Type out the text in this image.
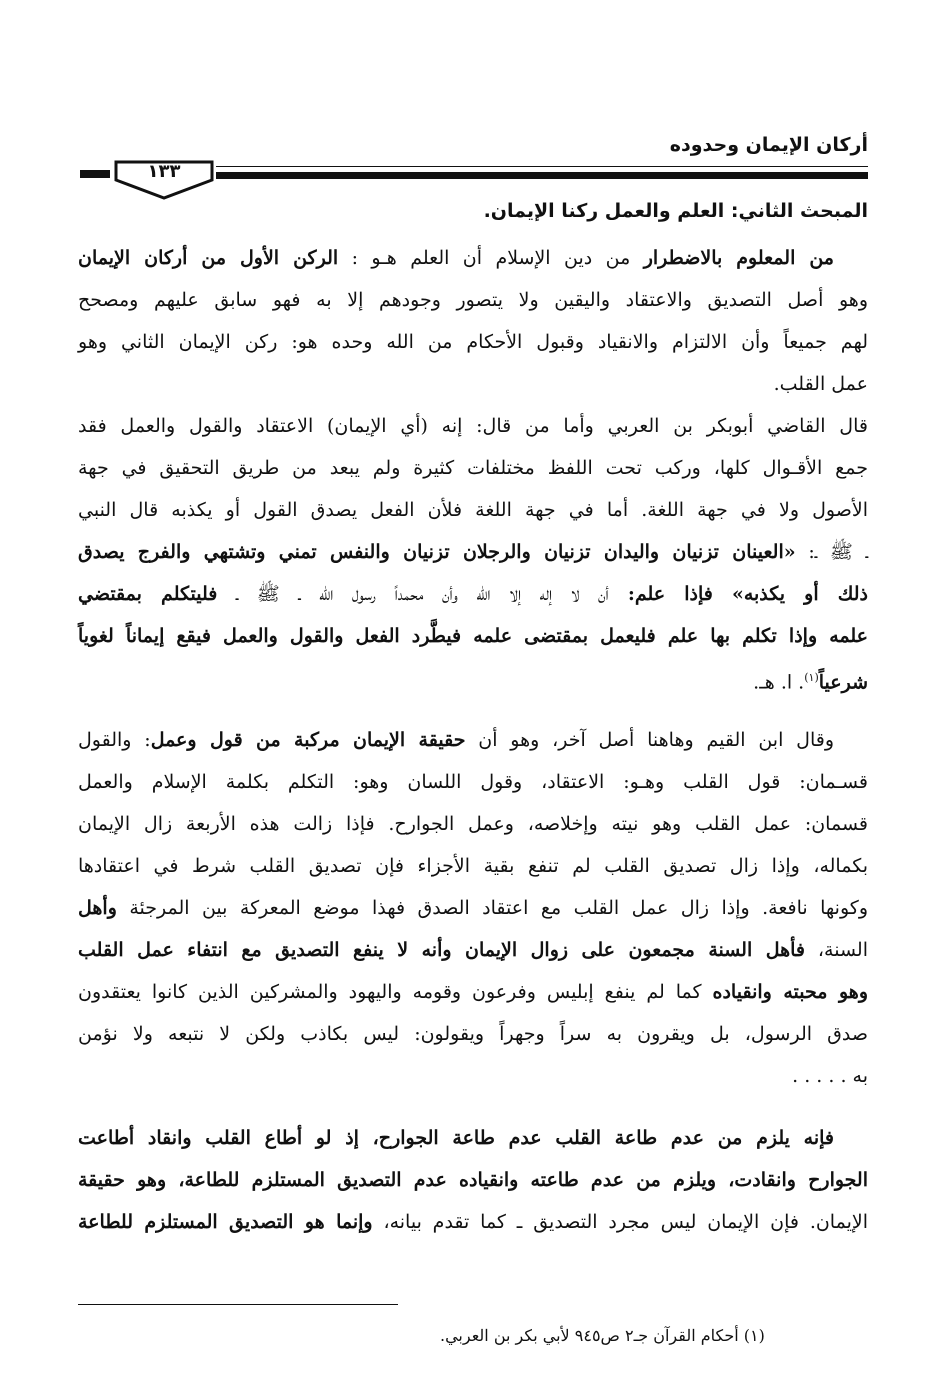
أركان الإيمان وحدوده
١٣٣
المبحث الثاني: العلم والعمل ركنا الإيمان.
من المعلوم بالاضطرار من دين الإسلام أن العلم هـو : الركن الأول من أركان الإيمان
وهو أصل التصديق والاعتقاد واليقين ولا يتصور وجودهم إلا به فهو سابق عليهم ومصحح
لهم جميعاً وأن الالتزام والانقياد وقبول الأحكام من الله وحده هو: ركن الإيمان الثاني وهو
عمل القلب.
قال القاضي أبوبكر بن العربي وأما من قال: إنه (أي الإيمان) الاعتقاد والقول والعمل فقد
جمع الأقـوال كلها، وركب تحت اللفظ مختلفات كثيرة ولم يبعد من طريق التحقيق في جهة
الأصول ولا في جهة اللغة. أما في جهة اللغة فلأن الفعل يصدق القول أو يكذبه قال النبي
ـ ﷺ ـ: «العينان تزنيان واليدان تزنيان والرجلان تزنيان والنفس تمني وتشتهي والفرج يصدق
ذلك أو يكذبه» فإذا علم: أن لا إله إلا الله وأن محمداً رسول الله ـ ﷺ ـ فليتكلم بمقتضي
علمه وإذا تكلم بها علم فليعمل بمقتضى علمه فيطَّرد الفعل والقول والعمل فيقع إيماناً لغوياً
شرعياً$^{(١)}$. ا. هـ.
وقال ابن القيم وهاهنا أصل آخر، وهو أن حقيقة الإيمان مركبة من قول وعمل: والقول
قسـمان: قول القلب وهـو: الاعتقاد، وقول اللسان وهو: التكلم بكلمة الإسلام والعمل
قسمان: عمل القلب وهو نيته وإخلاصه، وعمل الجوارح. فإذا زالت هذه الأربعة زال الإيمان
بكماله، وإذا زال تصديق القلب لم تنفع بقية الأجزاء فإن تصديق القلب شرط في اعتقادها
وكونها نافعة. وإذا زال عمل القلب مع اعتقاد الصدق فهذا موضع المعركة بين المرجئة وأهل
السنة، فأهل السنة مجمعون على زوال الإيمان وأنه لا ينفع التصديق مع انتفاء عمل القلب
وهو محبته وانقياده كما لم ينفع إبليس وفرعون وقومه واليهود والمشركين الذين كانوا يعتقدون
صدق الرسول، بل ويقرون به سراً وجهراً ويقولون: ليس بكاذب ولكن لا نتبعه ولا نؤمن
به . . . . .
فإنه يلزم من عدم طاعة القلب عدم طاعة الجوارح، إذ لو أطاع القلب وانقاد أطاعت
الجوارح وانقادت، ويلزم من عدم طاعته وانقياده عدم التصديق المستلزم للطاعة، وهو حقيقة
الإيمان. فإن الإيمان ليس مجرد التصديق ـ كما تقدم بيانه، وإنما هو التصديق المستلزم للطاعة
(١) أحكام القرآن جـ٢ ص٩٤٥ لأبي بكر بن العربي.
